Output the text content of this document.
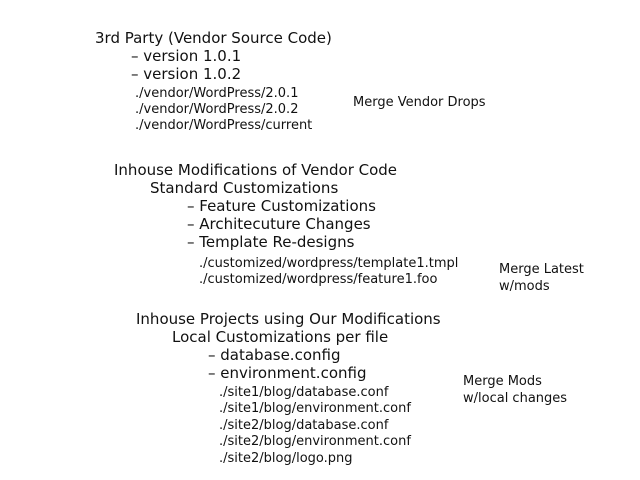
3rd Party (Vendor Source Code)
– version 1.0.1
– version 1.0.2
./vendor/WordPress/2.0.1
./vendor/WordPress/2.0.2
./vendor/WordPress/current
Merge Vendor Drops
Inhouse Modifications of Vendor Code
Standard Customizations
– Feature Customizations
– Architecuture Changes
– Template Re-designs
./customized/wordpress/template1.tmpl
./customized/wordpress/feature1.foo
Merge Latest
w/mods
Inhouse Projects using Our Modifications
Local Customizations per file
– database.config
– environment.config
./site1/blog/database.conf
./site1/blog/environment.conf
./site2/blog/database.conf
./site2/blog/environment.conf
./site2/blog/logo.png
Merge Mods
w/local changes
